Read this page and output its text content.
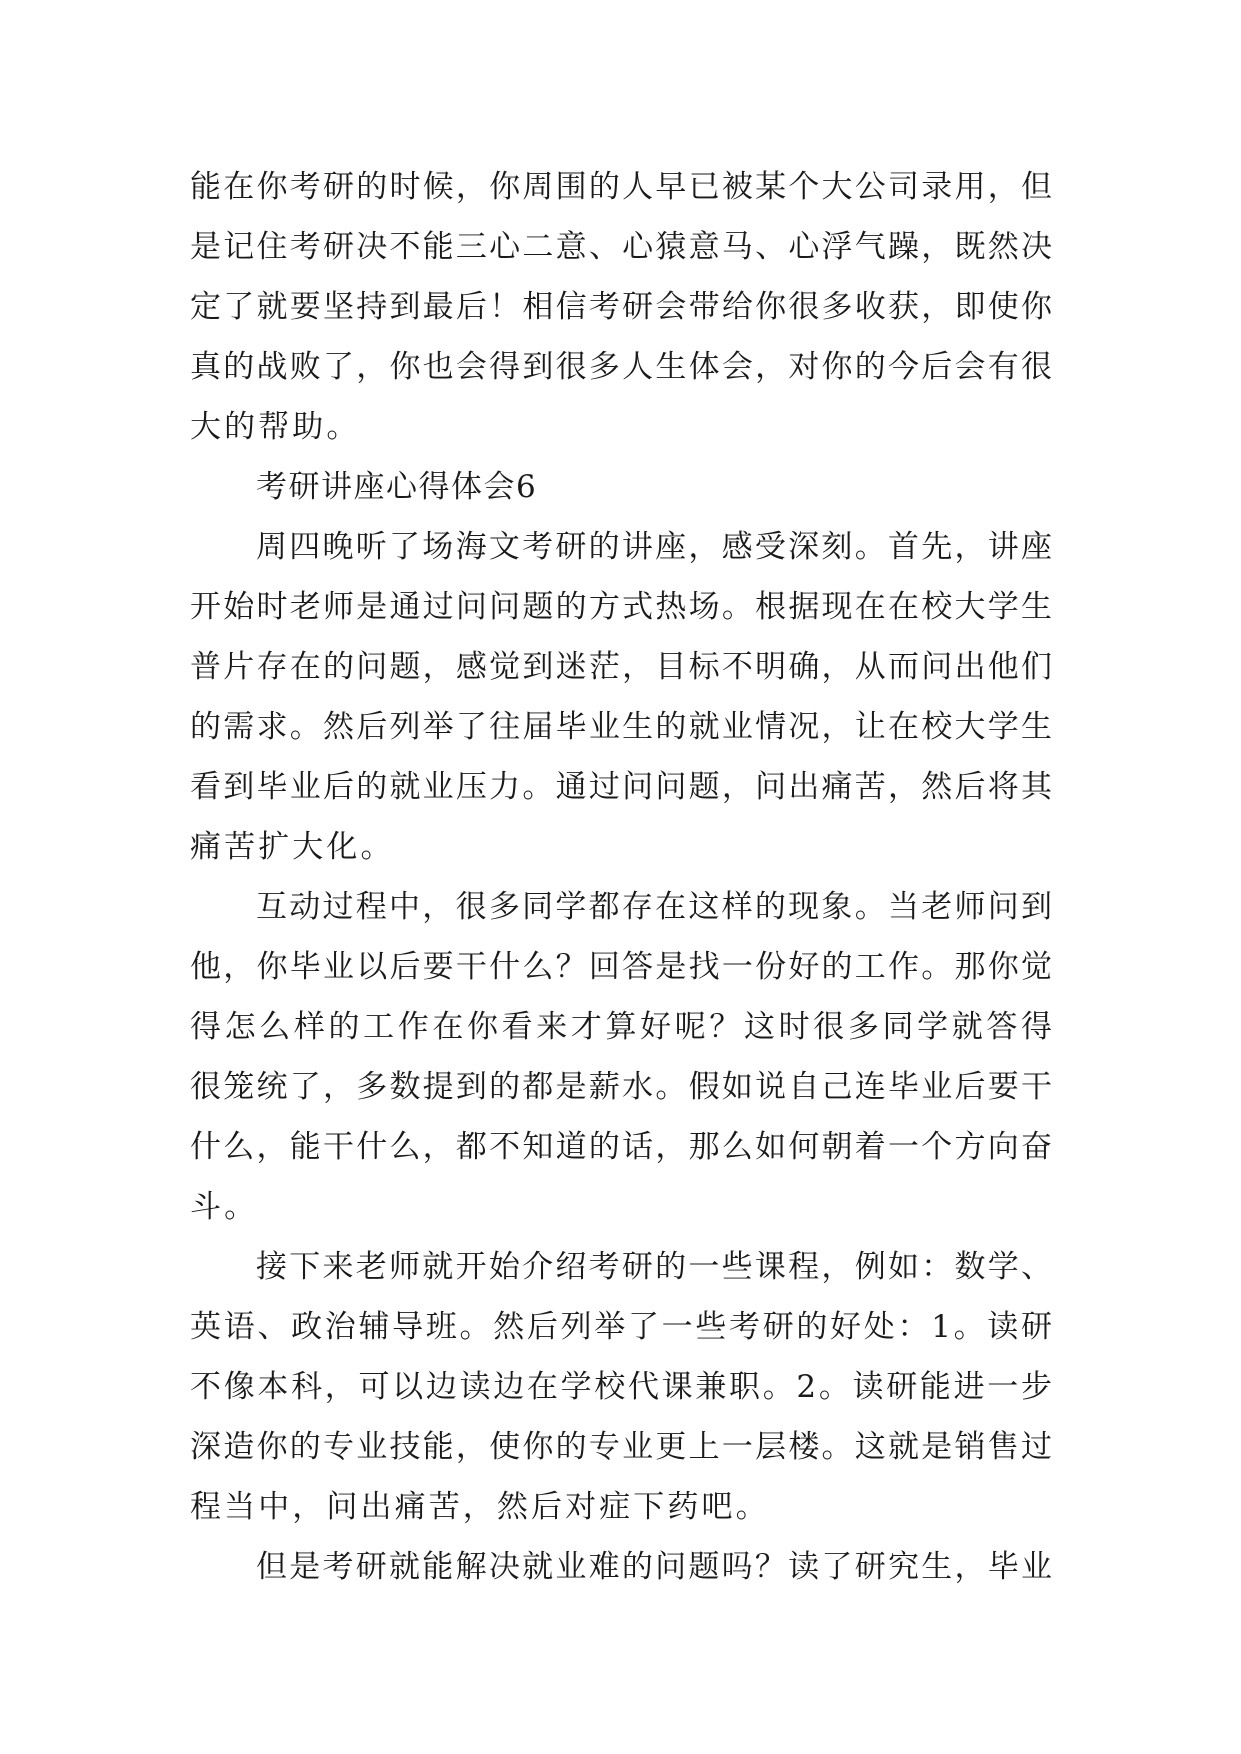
能在你考研的时候，你周围的人早已被某个大公司录用，但
是记住考研决不能三心二意、心猿意马、心浮气躁，既然决
定了就要坚持到最后！相信考研会带给你很多收获，即使你
真的战败了，你也会得到很多人生体会，对你的今后会有很
大的帮助。
考研讲座心得体会6
周四晚听了场海文考研的讲座，感受深刻。首先，讲座
开始时老师是通过问问题的方式热场。根据现在在校大学生
普片存在的问题，感觉到迷茫，目标不明确，从而问出他们
的需求。然后列举了往届毕业生的就业情况，让在校大学生
看到毕业后的就业压力。通过问问题，问出痛苦，然后将其
痛苦扩大化。
互动过程中，很多同学都存在这样的现象。当老师问到
他，你毕业以后要干什么？回答是找一份好的工作。那你觉
得怎么样的工作在你看来才算好呢？这时很多同学就答得
很笼统了，多数提到的都是薪水。假如说自己连毕业后要干
什么，能干什么，都不知道的话，那么如何朝着一个方向奋
斗。
接下来老师就开始介绍考研的一些课程，例如：数学、
英语、政治辅导班。然后列举了一些考研的好处：1。读研
不像本科，可以边读边在学校代课兼职。2。读研能进一步
深造你的专业技能，使你的专业更上一层楼。这就是销售过
程当中，问出痛苦，然后对症下药吧。
但是考研就能解决就业难的问题吗？读了研究生，毕业
